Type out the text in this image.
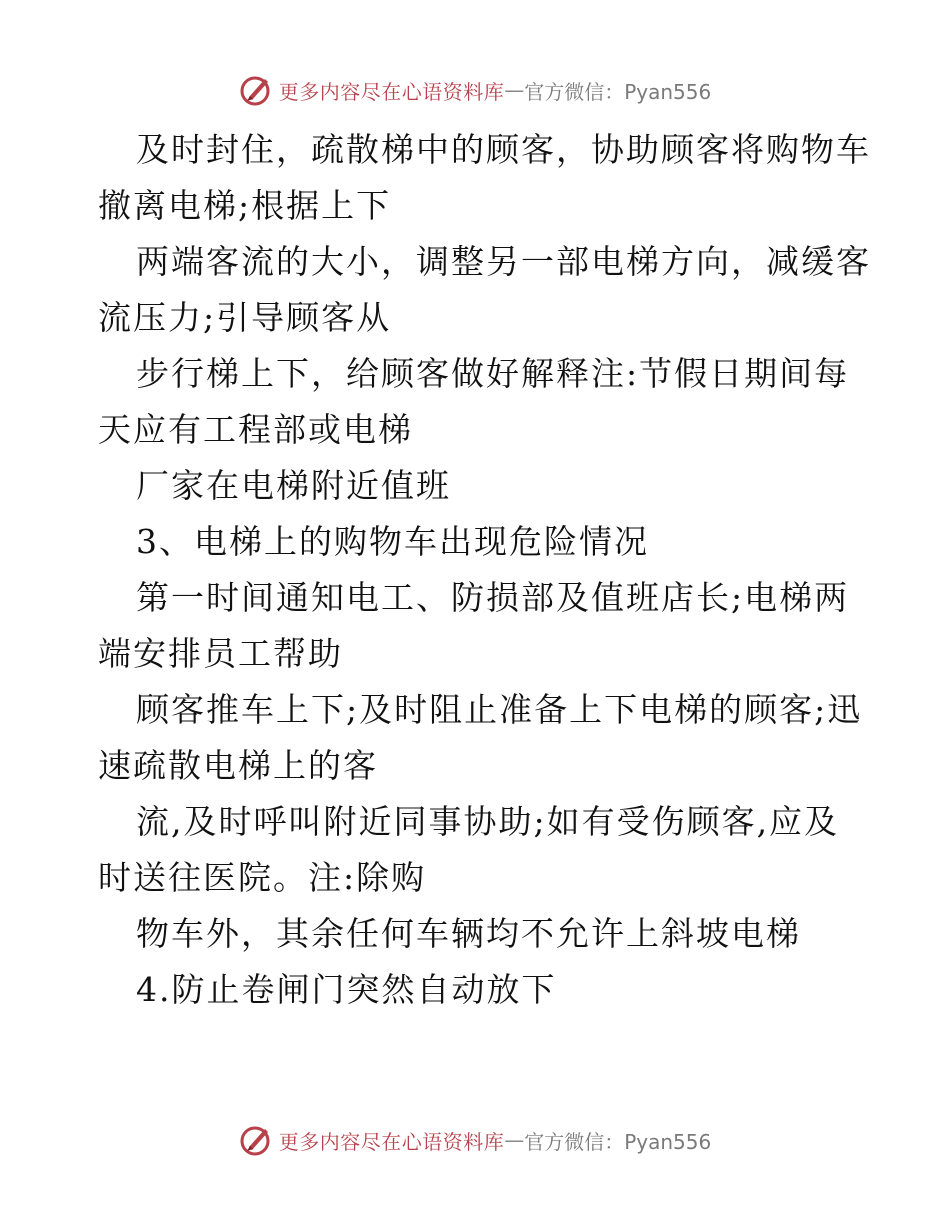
更多内容尽在心语资料库 — 官方微信：Pyan556

及时封住，疏散梯中的顾客，协助顾客将购物车

撤离电梯;根据上下

两端客流的大小，调整另一部电梯方向，减缓客

流压力;引导顾客从

步行梯上下，给顾客做好解释注:节假日期间每

天应有工程部或电梯

厂家在电梯附近值班

3、电梯上的购物车出现危险情况

第一时间通知电工、防损部及值班店长;电梯两

端安排员工帮助

顾客推车上下;及时阻止准备上下电梯的顾客;迅

速疏散电梯上的客

流,及时呼叫附近同事协助;如有受伤顾客,应及

时送往医院。注:除购

物车外，其余任何车辆均不允许上斜坡电梯

4.防止卷闸门突然自动放下

更多内容尽在心语资料库 — 官方微信：Pyan556
